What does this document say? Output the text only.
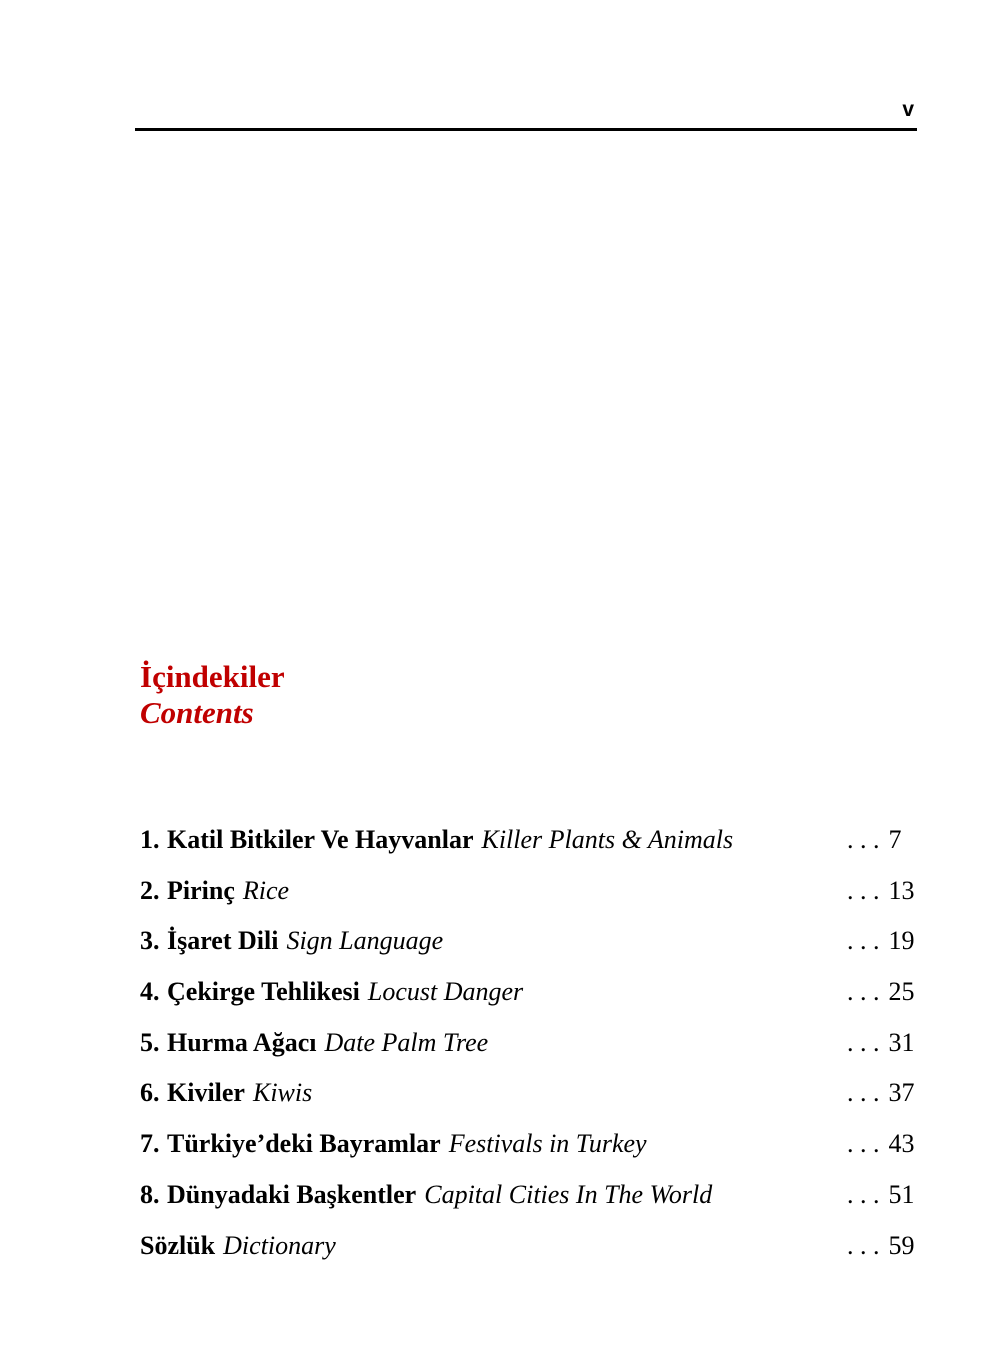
v
İçindekiler
Contents
1. Katil Bitkiler Ve Hayvanlar Killer Plants & Animals	. . . 7
2. Pirinç Rice	. . . 13
3. İşaret Dili Sign Language	. . . 19
4. Çekirge Tehlikesi Locust Danger	. . . 25
5. Hurma Ağacı Date Palm Tree	. . . 31
6. Kiviler Kiwis	. . . 37
7. Türkiye’deki Bayramlar Festivals in Turkey	. . . 43
8. Dünyadaki Başkentler Capital Cities In The World	. . . 51
Sözlük Dictionary	. . . 59
